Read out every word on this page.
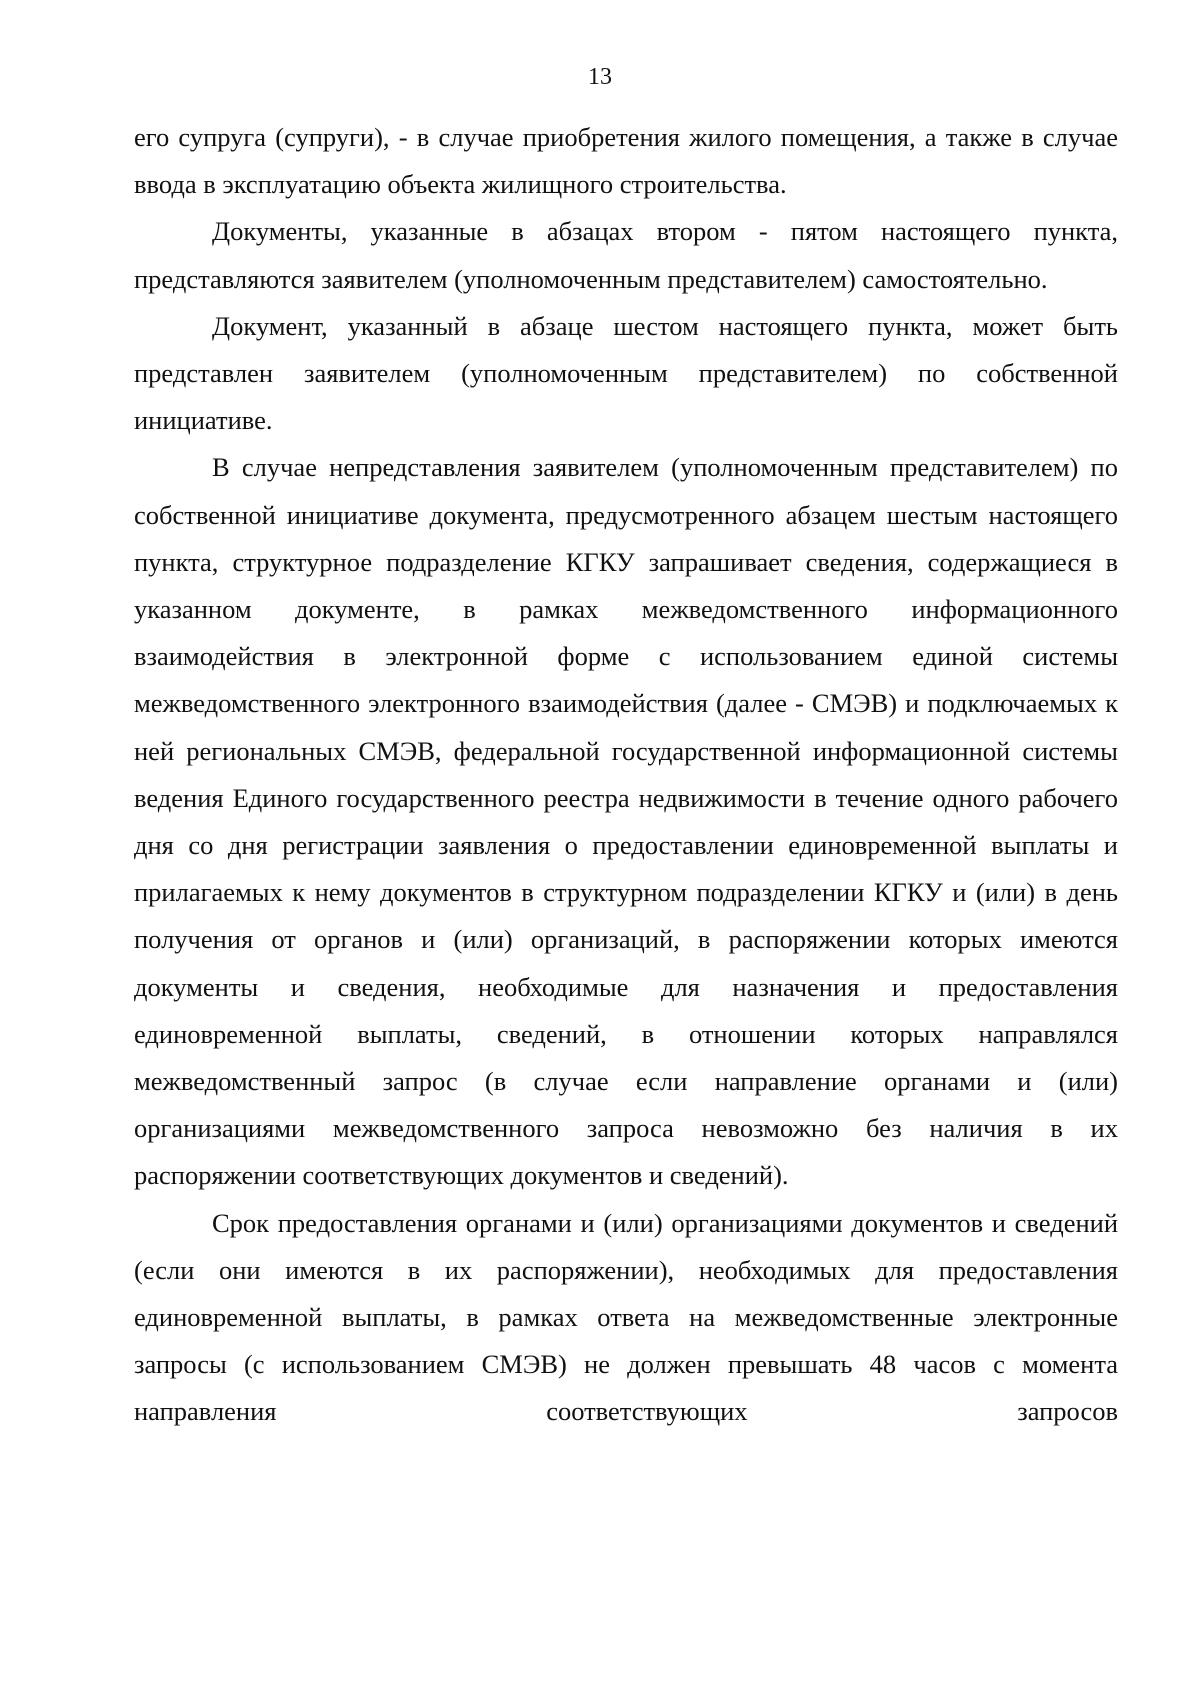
13

его супруга (супруги), - в случае приобретения жилого помещения, а также в случае ввода в эксплуатацию объекта жилищного строительства.

Документы, указанные в абзацах втором - пятом настоящего пункта, представляются заявителем (уполномоченным представителем) самостоятельно.

Документ, указанный в абзаце шестом настоящего пункта, может быть представлен заявителем (уполномоченным представителем) по собственной инициативе.

В случае непредставления заявителем (уполномоченным представителем) по собственной инициативе документа, предусмотренного абзацем шестым настоящего пункта, структурное подразделение КГКУ запрашивает сведения, содержащиеся в указанном документе, в рамках межведомственного информационного взаимодействия в электронной форме с использованием единой системы межведомственного электронного взаимодействия (далее - СМЭВ) и подключаемых к ней региональных СМЭВ, федеральной государственной информационной системы ведения Единого государственного реестра недвижимости в течение одного рабочего дня со дня регистрации заявления о предоставлении единовременной выплаты и прилагаемых к нему документов в структурном подразделении КГКУ и (или) в день получения от органов и (или) организаций, в распоряжении которых имеются документы и сведения, необходимые для назначения и предоставления единовременной выплаты, сведений, в отношении которых направлялся межведомственный запрос (в случае если направление органами и (или) организациями межведомственного запроса невозможно без наличия в их распоряжении соответствующих документов и сведений).

Срок предоставления органами и (или) организациями документов и сведений (если они имеются в их распоряжении), необходимых для предоставления единовременной выплаты, в рамках ответа на межведомственные электронные запросы (с использованием СМЭВ) не должен превышать 48 часов с момента направления соответствующих запросов
